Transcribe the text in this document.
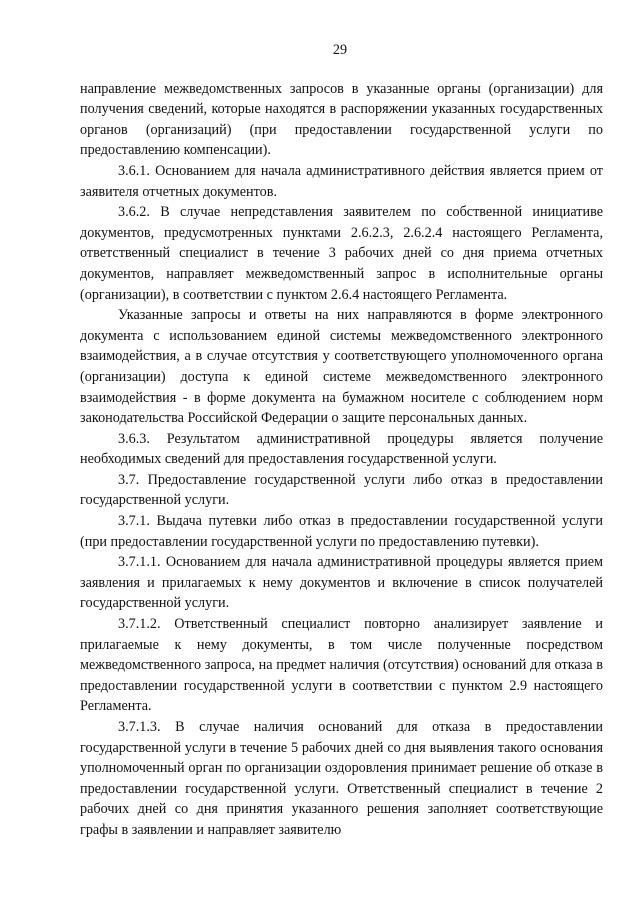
29

направление межведомственных запросов в указанные органы (организации) для получения сведений, которые находятся в распоряжении указанных государственных органов (организаций) (при предоставлении государственной услуги по предоставлению компенсации).

3.6.1. Основанием для начала административного действия является прием от заявителя отчетных документов.

3.6.2. В случае непредставления заявителем по собственной инициативе документов, предусмотренных пунктами 2.6.2.3, 2.6.2.4 настоящего Регламента, ответственный специалист в течение 3 рабочих дней со дня приема отчетных документов, направляет межведомственный запрос в исполнительные органы (организации), в соответствии с пунктом 2.6.4 настоящего Регламента.

Указанные запросы и ответы на них направляются в форме электронного документа с использованием единой системы межведомственного электронного взаимодействия, а в случае отсутствия у соответствующего уполномоченного органа (организации) доступа к единой системе межведомственного электронного взаимодействия - в форме документа на бумажном носителе с соблюдением норм законодательства Российской Федерации о защите персональных данных.

3.6.3. Результатом административной процедуры является получение необходимых сведений для предоставления государственной услуги.

3.7. Предоставление государственной услуги либо отказ в предоставлении государственной услуги.

3.7.1. Выдача путевки либо отказ в предоставлении государственной услуги (при предоставлении государственной услуги по предоставлению путевки).

3.7.1.1. Основанием для начала административной процедуры является прием заявления и прилагаемых к нему документов и включение в список получателей государственной услуги.

3.7.1.2. Ответственный специалист повторно анализирует заявление и прилагаемые к нему документы, в том числе полученные посредством межведомственного запроса, на предмет наличия (отсутствия) оснований для отказа в предоставлении государственной услуги в соответствии с пунктом 2.9 настоящего Регламента.

3.7.1.3. В случае наличия оснований для отказа в предоставлении государственной услуги в течение 5 рабочих дней со дня выявления такого основания уполномоченный орган по организации оздоровления принимает решение об отказе в предоставлении государственной услуги. Ответственный специалист в течение 2 рабочих дней со дня принятия указанного решения заполняет соответствующие графы в заявлении и направляет заявителю
